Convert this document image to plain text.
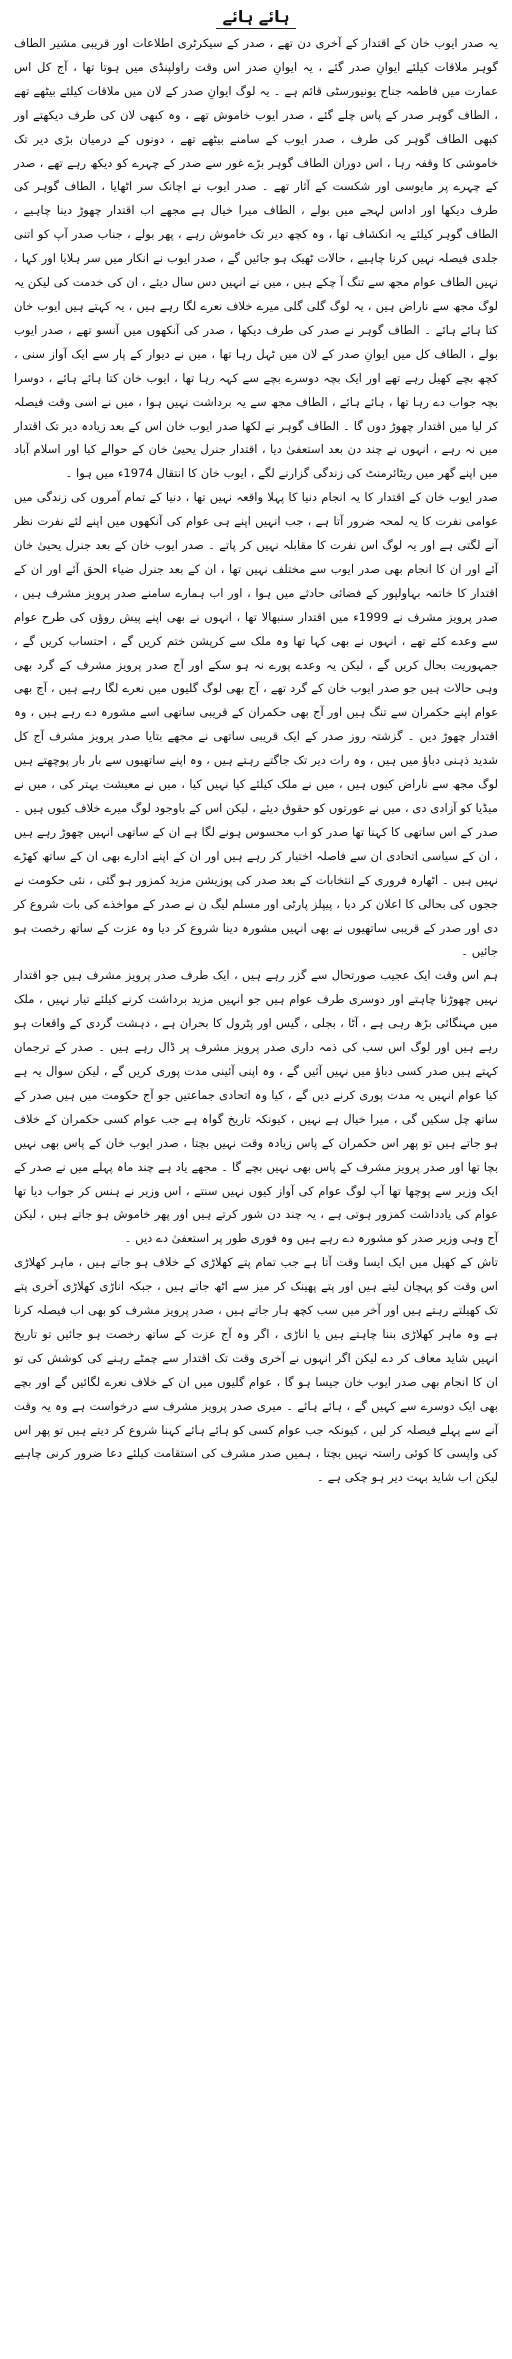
ہائے ہائے

یہ صدر ایوب خان کے اقتدار کے آخری دن تھے ، صدر کے سیکرٹری اطلاعات اور قریبی مشیر الطاف گوہر ملاقات کیلئے ایوانِ صدر گئے ، یہ ایوانِ صدر اس وقت راولپنڈی میں ہوتا تھا ، آج کل اس عمارت میں فاطمہ جناح یونیورسٹی قائم ہے ۔ یہ لوگ ایوانِ صدر کے لان میں ملاقات کیلئے بیٹھے تھے ، الطاف گوہر صدر کے پاس چلے گئے ، صدر ایوب خاموش تھے ، وہ کبھی لان کی طرف دیکھتے اور کبھی الطاف گوہر کی طرف ، صدر ایوب کے سامنے بیٹھے تھے ، دونوں کے درمیان بڑی دیر تک خاموشی کا وقفہ رہا ، اس دوران الطاف گوہر بڑے غور سے صدر کے چہرے کو دیکھ رہے تھے ، صدر کے چہرے پر مایوسی اور شکست کے آثار تھے ۔ صدر ایوب نے اچانک سر اٹھایا ، الطاف گوہر کی طرف دیکھا اور اداس لہجے میں بولے ، الطاف میرا خیال ہے مجھے اب اقتدار چھوڑ دینا چاہیے ، الطاف گوہر کیلئے یہ انکشاف تھا ، وہ کچھ دیر تک خاموش رہے ، پھر بولے ، جناب صدر آپ کو اتنی جلدی فیصلہ نہیں کرنا چاہیے ، حالات ٹھیک ہو جائیں گے ، صدر ایوب نے انکار میں سر ہلایا اور کہا ، نہیں الطاف عوام مجھ سے تنگ آ چکے ہیں ، میں نے انہیں دس سال دیئے ، ان کی خدمت کی لیکن یہ لوگ مجھ سے ناراض ہیں ، یہ لوگ گلی گلی میرے خلاف نعرے لگا رہے ہیں ، یہ کہتے ہیں ایوب خان کتا ہائے ہائے ۔ الطاف گوہر نے صدر کی طرف دیکھا ، صدر کی آنکھوں میں آنسو تھے ، صدر ایوب بولے ، الطاف کل میں ایوانِ صدر کے لان میں ٹہل رہا تھا ، میں نے دیوار کے پار سے ایک آواز سنی ، کچھ بچے کھیل رہے تھے اور ایک بچہ دوسرے بچے سے کہہ رہا تھا ، ایوب خان کتا ہائے ہائے ، دوسرا بچہ جواب دے رہا تھا ، ہائے ہائے ، الطاف مجھ سے یہ برداشت نہیں ہوا ، میں نے اسی وقت فیصلہ کر لیا میں اقتدار چھوڑ دوں گا ۔ الطاف گوہر نے لکھا صدر ایوب خان اس کے بعد زیادہ دیر تک اقتدار میں نہ رہے ، انہوں نے چند دن بعد استعفیٰ دیا ، اقتدار جنرل یحییٰ خان کے حوالے کیا اور اسلام آباد میں اپنے گھر میں ریٹائرمنٹ کی زندگی گزارنے لگے ، ایوب خان کا انتقال 1974ء میں ہوا ۔

صدر ایوب خان کے اقتدار کا یہ انجام دنیا کا پہلا واقعہ نہیں تھا ، دنیا کے تمام آمروں کی زندگی میں عوامی نفرت کا یہ لمحہ ضرور آتا ہے ، جب انہیں اپنے ہی عوام کی آنکھوں میں اپنے لئے نفرت نظر آنے لگتی ہے اور یہ لوگ اس نفرت کا مقابلہ نہیں کر پاتے ۔ صدر ایوب خان کے بعد جنرل یحییٰ خان آئے اور ان کا انجام بھی صدر ایوب سے مختلف نہیں تھا ، ان کے بعد جنرل ضیاء الحق آئے اور ان کے اقتدار کا خاتمہ بہاولپور کے فضائی حادثے میں ہوا ، اور اب ہمارے سامنے صدر پرویز مشرف ہیں ، صدر پرویز مشرف نے 1999ء میں اقتدار سنبھالا تھا ، انہوں نے بھی اپنے پیش روؤں کی طرح عوام سے وعدے کئے تھے ، انہوں نے بھی کہا تھا وہ ملک سے کرپشن ختم کریں گے ، احتساب کریں گے ، جمہوریت بحال کریں گے ، لیکن یہ وعدے پورے نہ ہو سکے اور آج صدر پرویز مشرف کے گرد بھی وہی حالات ہیں جو صدر ایوب خان کے گرد تھے ، آج بھی لوگ گلیوں میں نعرے لگا رہے ہیں ، آج بھی عوام اپنے حکمران سے تنگ ہیں اور آج بھی حکمران کے قریبی ساتھی اسے مشورہ دے رہے ہیں ، وہ اقتدار چھوڑ دیں ۔ گزشتہ روز صدر کے ایک قریبی ساتھی نے مجھے بتایا صدر پرویز مشرف آج کل شدید ذہنی دباؤ میں ہیں ، وہ رات دیر تک جاگتے رہتے ہیں ، وہ اپنے ساتھیوں سے بار بار پوچھتے ہیں لوگ مجھ سے ناراض کیوں ہیں ، میں نے ملک کیلئے کیا نہیں کیا ، میں نے معیشت بہتر کی ، میں نے میڈیا کو آزادی دی ، میں نے عورتوں کو حقوق دیئے ، لیکن اس کے باوجود لوگ میرے خلاف کیوں ہیں ۔ صدر کے اس ساتھی کا کہنا تھا صدر کو اب محسوس ہونے لگا ہے ان کے ساتھی انہیں چھوڑ رہے ہیں ، ان کے سیاسی اتحادی ان سے فاصلہ اختیار کر رہے ہیں اور ان کے اپنے ادارے بھی ان کے ساتھ کھڑے نہیں ہیں ۔ اٹھارہ فروری کے انتخابات کے بعد صدر کی پوزیشن مزید کمزور ہو گئی ، نئی حکومت نے ججوں کی بحالی کا اعلان کر دیا ، پیپلز پارٹی اور مسلم لیگ ن نے صدر کے مواخذے کی بات شروع کر دی اور صدر کے قریبی ساتھیوں نے بھی انہیں مشورہ دینا شروع کر دیا وہ عزت کے ساتھ رخصت ہو جائیں ۔

ہم اس وقت ایک عجیب صورتحال سے گزر رہے ہیں ، ایک طرف صدر پرویز مشرف ہیں جو اقتدار نہیں چھوڑنا چاہتے اور دوسری طرف عوام ہیں جو انہیں مزید برداشت کرنے کیلئے تیار نہیں ، ملک میں مہنگائی بڑھ رہی ہے ، آٹا ، بجلی ، گیس اور پٹرول کا بحران ہے ، دہشت گردی کے واقعات ہو رہے ہیں اور لوگ اس سب کی ذمہ داری صدر پرویز مشرف پر ڈال رہے ہیں ۔ صدر کے ترجمان کہتے ہیں صدر کسی دباؤ میں نہیں آئیں گے ، وہ اپنی آئینی مدت پوری کریں گے ، لیکن سوال یہ ہے کیا عوام انہیں یہ مدت پوری کرنے دیں گے ، کیا وہ اتحادی جماعتیں جو آج حکومت میں ہیں صدر کے ساتھ چل سکیں گی ، میرا خیال ہے نہیں ، کیونکہ تاریخ گواہ ہے جب عوام کسی حکمران کے خلاف ہو جاتے ہیں تو پھر اس حکمران کے پاس زیادہ وقت نہیں بچتا ، صدر ایوب خان کے پاس بھی نہیں بچا تھا اور صدر پرویز مشرف کے پاس بھی نہیں بچے گا ۔ مجھے یاد ہے چند ماہ پہلے میں نے صدر کے ایک وزیر سے پوچھا تھا آپ لوگ عوام کی آواز کیوں نہیں سنتے ، اس وزیر نے ہنس کر جواب دیا تھا عوام کی یادداشت کمزور ہوتی ہے ، یہ چند دن شور کرتے ہیں اور پھر خاموش ہو جاتے ہیں ، لیکن آج وہی وزیر صدر کو مشورہ دے رہے ہیں وہ فوری طور پر استعفیٰ دے دیں ۔

تاش کے کھیل میں ایک ایسا وقت آتا ہے جب تمام پتے کھلاڑی کے خلاف ہو جاتے ہیں ، ماہر کھلاڑی اس وقت کو پہچان لیتے ہیں اور پتے پھینک کر میز سے اٹھ جاتے ہیں ، جبکہ اناڑی کھلاڑی آخری پتے تک کھیلتے رہتے ہیں اور آخر میں سب کچھ ہار جاتے ہیں ، صدر پرویز مشرف کو بھی اب فیصلہ کرنا ہے وہ ماہر کھلاڑی بننا چاہتے ہیں یا اناڑی ، اگر وہ آج عزت کے ساتھ رخصت ہو جائیں تو تاریخ انہیں شاید معاف کر دے لیکن اگر انہوں نے آخری وقت تک اقتدار سے چمٹے رہنے کی کوشش کی تو ان کا انجام بھی صدر ایوب خان جیسا ہو گا ، عوام گلیوں میں ان کے خلاف نعرے لگائیں گے اور بچے بھی ایک دوسرے سے کہیں گے ، ہائے ہائے ۔ میری صدر پرویز مشرف سے درخواست ہے وہ یہ وقت آنے سے پہلے فیصلہ کر لیں ، کیونکہ جب عوام کسی کو ہائے ہائے کہنا شروع کر دیتے ہیں تو پھر اس کی واپسی کا کوئی راستہ نہیں بچتا ، ہمیں صدر مشرف کی استقامت کیلئے دعا ضرور کرنی چاہیے لیکن اب شاید بہت دیر ہو چکی ہے ۔
